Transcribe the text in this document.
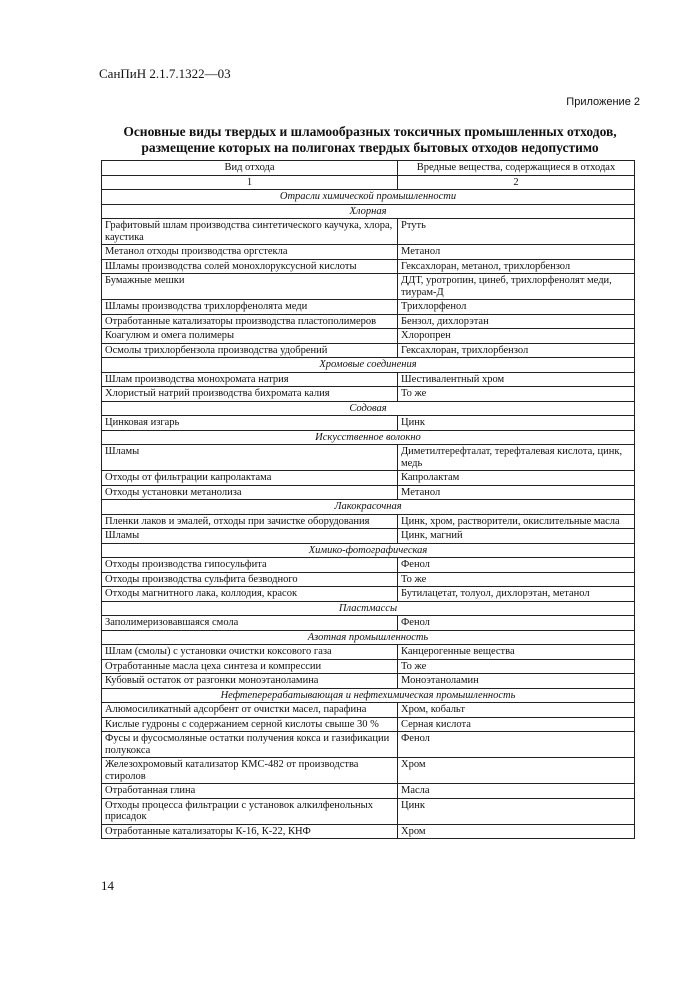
СанПиН 2.1.7.1322—03
Приложение 2
Основные виды твердых и шламообразных токсичных промышленных отходов,
размещение которых на полигонах твердых бытовых отходов недопустимо
Вид отхода	Вредные вещества, содержащиеся в отходах
1	2
Отрасли химической промышленности	
Хлорная	
Графитовый шлам производства синтетического каучука, хлора, каустика	Ртуть
Метанол отходы производства оргстекла	Метанол
Шламы производства солей монохлоруксусной кислоты	Гексахлоран, метанол, трихлорбензол
Бумажные мешки	ДДТ, уротропин, цинеб, трихлорфенолят меди, тиурам-Д
Шламы производства трихлорфенолята меди	Трихлорфенол
Отработанные катализаторы производства пластополимеров	Бензол, дихлорэтан
Коагулюм и омега полимеры	Хлоропрен
Осмолы трихлорбензола производства удобрений	Гексахлоран, трихлорбензол
Хромовые соединения	
Шлам производства монохромата натрия	Шестивалентный хром
Хлористый натрий производства бихромата калия	То же
Содовая	
Цинковая изгарь	Цинк
Искусственное волокно	
Шламы	Диметилтерефталат, терефталевая кислота, цинк, медь
Отходы от фильтрации капролактама	Капролактам
Отходы установки метанолиза	Метанол
Лакокрасочная	
Пленки лаков и эмалей, отходы при зачистке оборудования	Цинк, хром, растворители, окислительные масла
Шламы	Цинк, магний
Химико-фотографическая	
Отходы производства гипосульфита	Фенол
Отходы производства сульфита безводного	То же
Отходы магнитного лака, коллодия, красок	Бутилацетат, толуол, дихлорэтан, метанол
Пластмассы	
Заполимеризовавшаяся смола	Фенол
Азотная промышленность	
Шлам (смолы) с установки очистки коксового газа	Канцерогенные вещества
Отработанные масла цеха синтеза и компрессии	То же
Кубовый остаток от разгонки моноэтаноламина	Моноэтаноламин
Нефтеперерабатывающая и нефтехимическая промышленность	
Алюмосиликатный адсорбент от очистки масел, парафина	Хром, кобальт
Кислые гудроны с содержанием серной кислоты свыше 30 %	Серная кислота
Фусы и фусосмоляные остатки получения кокса и газификации полукокса	Фенол
Железохромовый катализатор КМС-482 от производства стиролов	Хром
Отработанная глина	Масла
Отходы процесса фильтрации с установок алкилфенольных присадок	Цинк
Отработанные катализаторы К-16, К-22, КНФ	Хром
14
